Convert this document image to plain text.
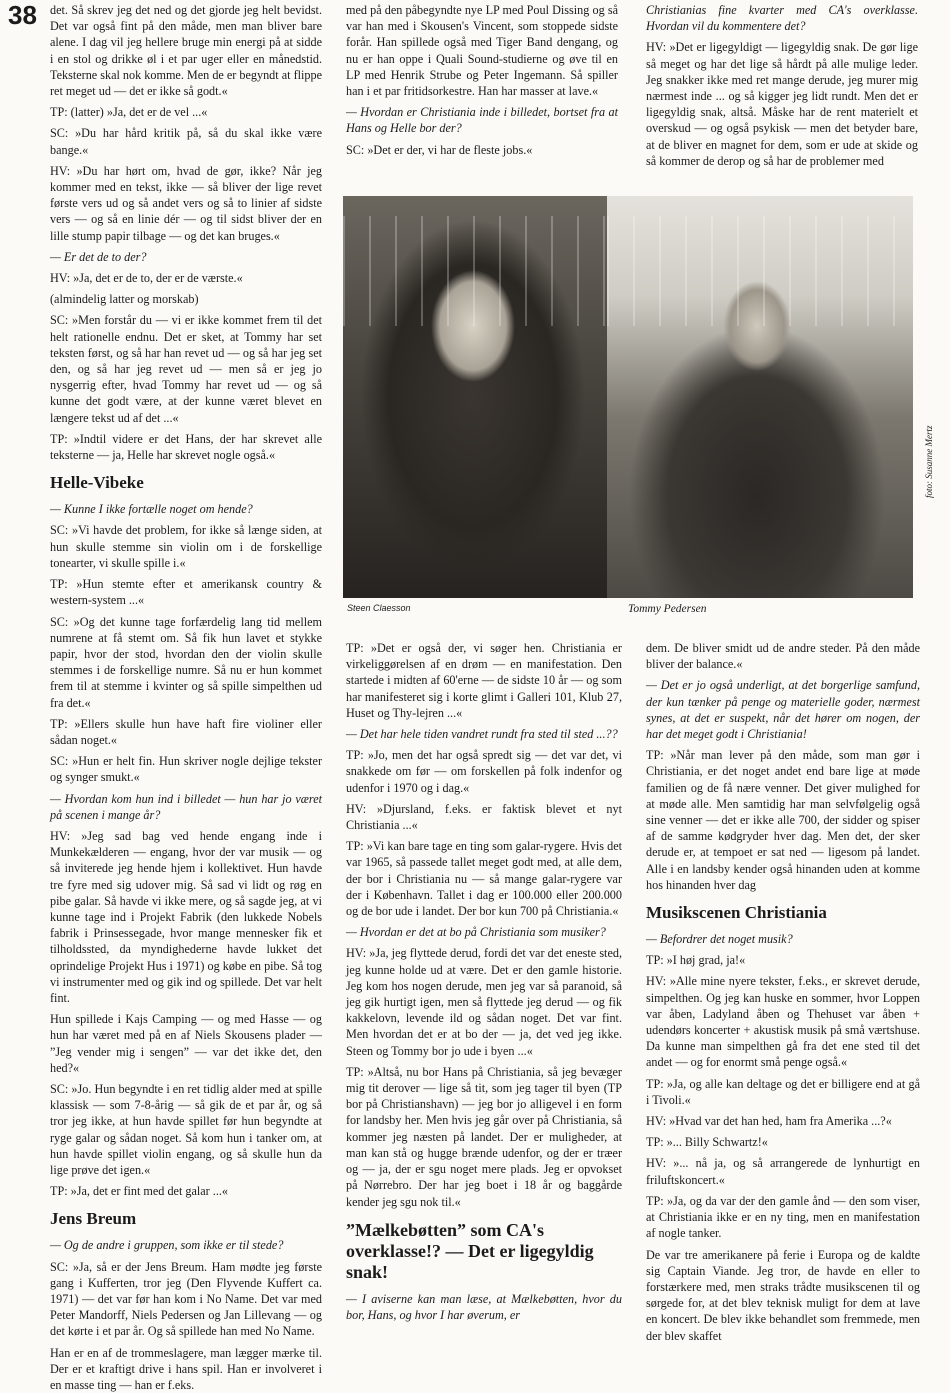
38 det. Så skrev jeg det ned og det gjorde jeg helt bevidst. Det var også fint på den måde, men man bliver bare alene. I dag vil jeg hellere bruge min energi på at sidde i en stol og drikke øl i et par uger eller en månedstid. Teksterne skal nok komme. Men de er begyndt at flippe ret meget ud — det er ikke så godt.«

TP: (latter) »Ja, det er de vel ...«

SC: »Du har hård kritik på, så du skal ikke være bange.«

HV: »Du har hørt om, hvad de gør, ikke? Når jeg kommer med en tekst, ikke — så bliver der lige revet første vers ud og så andet vers og så to linier af sidste vers — og så en linie dér — og til sidst bliver der en lille stump papir tilbage — og det kan bruges.«

— Er det de to der?

HV: »Ja, det er de to, der er de værste.«

(almindelig latter og morskab)

SC: »Men forstår du — vi er ikke kommet frem til det helt rationelle endnu. Det er sket, at Tommy har set teksten først, og så har han revet ud — og så har jeg set den, og så har jeg revet ud — men så er jeg jo nysgerrig efter, hvad Tommy har revet ud — og så kunne det godt være, at der kunne været blevet en længere tekst ud af det ...«

TP: »Indtil videre er det Hans, der har skrevet alle teksterne — ja, Helle har skrevet nogle også.«

Helle-Vibeke

— Kunne I ikke fortælle noget om hende?

SC: »Vi havde det problem, for ikke så længe siden, at hun skulle stemme sin violin om i de forskellige tonearter, vi skulle spille i.«

TP: »Hun stemte efter et amerikansk country & western-system ...«

SC: »Og det kunne tage forfærdelig lang tid mellem numrene at få stemt om. Så fik hun lavet et stykke papir, hvor der stod, hvordan den der violin skulle stemmes i de forskellige numre. Så nu er hun kommet frem til at stemme i kvinter og så spille simpelthen ud fra det.«

TP: »Ellers skulle hun have haft fire violiner eller sådan noget.«

SC: »Hun er helt fin. Hun skriver nogle dejlige tekster og synger smukt.«

— Hvordan kom hun ind i billedet — hun har jo været på scenen i mange år?

HV: »Jeg sad bag ved hende engang inde i Munkekælderen — engang, hvor der var musik — og så inviterede jeg hende hjem i kollektivet. Hun havde tre fyre med sig udover mig. Så sad vi lidt og røg en pibe galar. Så havde vi ikke mere, og så sagde jeg, at vi kunne tage ind i Projekt Fabrik (den lukkede Nobels fabrik i Prinsessegade, hvor mange mennesker fik et tilholdssted, da myndighederne havde lukket det oprindelige Projekt Hus i 1971) og købe en pibe. Så tog vi instrumenter med og gik ind og spillede. Det var helt fint.

Hun spillede i Kajs Camping — og med Hasse — og hun har været med på en af Niels Skousens plader — ”Jeg vender mig i sengen” — var det ikke det, den hed?«

SC: »Jo. Hun begyndte i en ret tidlig alder med at spille klassisk — som 7-8-årig — så gik de et par år, og så tror jeg ikke, at hun havde spillet før hun begyndte at ryge galar og sådan noget. Så kom hun i tanker om, at hun havde spillet violin engang, og så skulle hun da lige prøve det igen.«

TP: »Ja, det er fint med det galar ...«

Jens Breum

— Og de andre i gruppen, som ikke er til stede?

SC: »Ja, så er der Jens Breum. Ham mødte jeg første gang i Kufferten, tror jeg (Den Flyvende Kuffert ca. 1971) — det var før han kom i No Name. Det var med Peter Mandorff, Niels Pedersen og Jan Lillevang — og det kørte i et par år. Og så spillede han med No Name.

Han er en af de trommeslagere, man lægger mærke til. Der er et kraftigt drive i hans spil. Han er involveret i en masse ting — han er f.eks.

med på den påbegyndte nye LP med Poul Dissing og så var han med i Skousen's Vincent, som stoppede sidste forår. Han spillede også med Tiger Band dengang, og nu er han oppe i Quali Sound-studierne og øve til en LP med Henrik Strube og Peter Ingemann. Så spiller han i et par fritidsorkestre. Han har masser at lave.«

— Hvordan er Christiania inde i billedet, bortset fra at Hans og Helle bor der?

SC: »Det er der, vi har de fleste jobs.«

Christianias fine kvarter med CA's overklasse. Hvordan vil du kommentere det?

HV: »Det er ligegyldigt — ligegyldig snak. De gør lige så meget og har det lige så hårdt på alle mulige leder. Jeg snakker ikke med ret mange derude, jeg murer mig nærmest inde ... og så kigger jeg lidt rundt. Men det er ligegyldig snak, altså. Måske har de rent materielt et overskud — og også psykisk — men det betyder bare, at de bliver en magnet for dem, som er ude at skide og så kommer de derop og så har de problemer med

Steen Claesson	Tommy Pedersen
foto: Susanne Mertz

TP: »Det er også der, vi søger hen. Christiania er virkeliggørelsen af en drøm — en manifestation. Den startede i midten af 60'erne — de sidste 10 år — og som har manifesteret sig i korte glimt i Galleri 101, Klub 27, Huset og Thy-lejren ...«

— Det har hele tiden vandret rundt fra sted til sted ...??

TP: »Jo, men det har også spredt sig — det var det, vi snakkede om før — om forskellen på folk indenfor og udenfor i 1970 og i dag.«

HV: »Djursland, f.eks. er faktisk blevet et nyt Christiania ...«

TP: »Vi kan bare tage en ting som galar-rygere. Hvis det var 1965, så passede tallet meget godt med, at alle dem, der bor i Christiania nu — så mange galar-rygere var der i København. Tallet i dag er 100.000 eller 200.000 og de bor ude i landet. Der bor kun 700 på Christiania.«

— Hvordan er det at bo på Christiania som musiker?

HV: »Ja, jeg flyttede derud, fordi det var det eneste sted, jeg kunne holde ud at være. Det er den gamle historie. Jeg kom hos nogen derude, men jeg var så paranoid, så jeg gik hurtigt igen, men så flyttede jeg derud — og fik kakkelovn, levende ild og sådan noget. Det var fint. Men hvordan det er at bo der — ja, det ved jeg ikke. Steen og Tommy bor jo ude i byen ...«

TP: »Altså, nu bor Hans på Christiania, så jeg bevæger mig tit derover — lige så tit, som jeg tager til byen (TP bor på Christianshavn) — jeg bor jo alligevel i en form for landsby her. Men hvis jeg går over på Christiania, så kommer jeg næsten på landet. Der er muligheder, at man kan stå og hugge brænde udenfor, og der er træer og — ja, der er sgu noget mere plads. Jeg er opvokset på Nørrebro. Der har jeg boet i 18 år og baggårde kender jeg sgu nok til.«

”Mælkebøtten” som CA's overklasse!? — Det er ligegyldig snak!

— I aviserne kan man læse, at Mælkebøtten, hvor du bor, Hans, og hvor I har øverum, er

dem. De bliver smidt ud de andre steder. På den måde bliver der balance.«

— Det er jo også underligt, at det borgerlige samfund, der kun tænker på penge og materielle goder, nærmest synes, at det er suspekt, når det hører om nogen, der har det meget godt i Christiania!

TP: »Når man lever på den måde, som man gør i Christiania, er det noget andet end bare lige at møde familien og de få nære venner. Det giver mulighed for at møde alle. Men samtidig har man selvfølgelig også sine venner — det er ikke alle 700, der sidder og spiser af de samme kødgryder hver dag. Men det, der sker derude er, at tempoet er sat ned — ligesom på landet. Alle i en landsby kender også hinanden uden at komme hos hinanden hver dag

Musikscenen Christiania

— Befordrer det noget musik?

TP: »I høj grad, ja!«

HV: »Alle mine nyere tekster, f.eks., er skrevet derude, simpelthen. Og jeg kan huske en sommer, hvor Loppen var åben, Ladyland åben og Thehuset var åben + udendørs koncerter + akustisk musik på små værtshuse. Da kunne man simpelthen gå fra det ene sted til det andet — og for enormt små penge også.«

TP: »Ja, og alle kan deltage og det er billigere end at gå i Tivoli.«

HV: »Hvad var det han hed, ham fra Amerika ...?«

TP: »... Billy Schwartz!«

HV: »... nå ja, og så arrangerede de lynhurtigt en friluftskoncert.«

TP: »Ja, og da var der den gamle ånd — den som viser, at Christiania ikke er en ny ting, men en manifestation af nogle tanker.

De var tre amerikanere på ferie i Europa og de kaldte sig Captain Viande. Jeg tror, de havde en eller to forstærkere med, men straks trådte musikscenen til og sørgede for, at det blev teknisk muligt for dem at lave en koncert. De blev ikke behandlet som fremmede, men der blev skaffet
